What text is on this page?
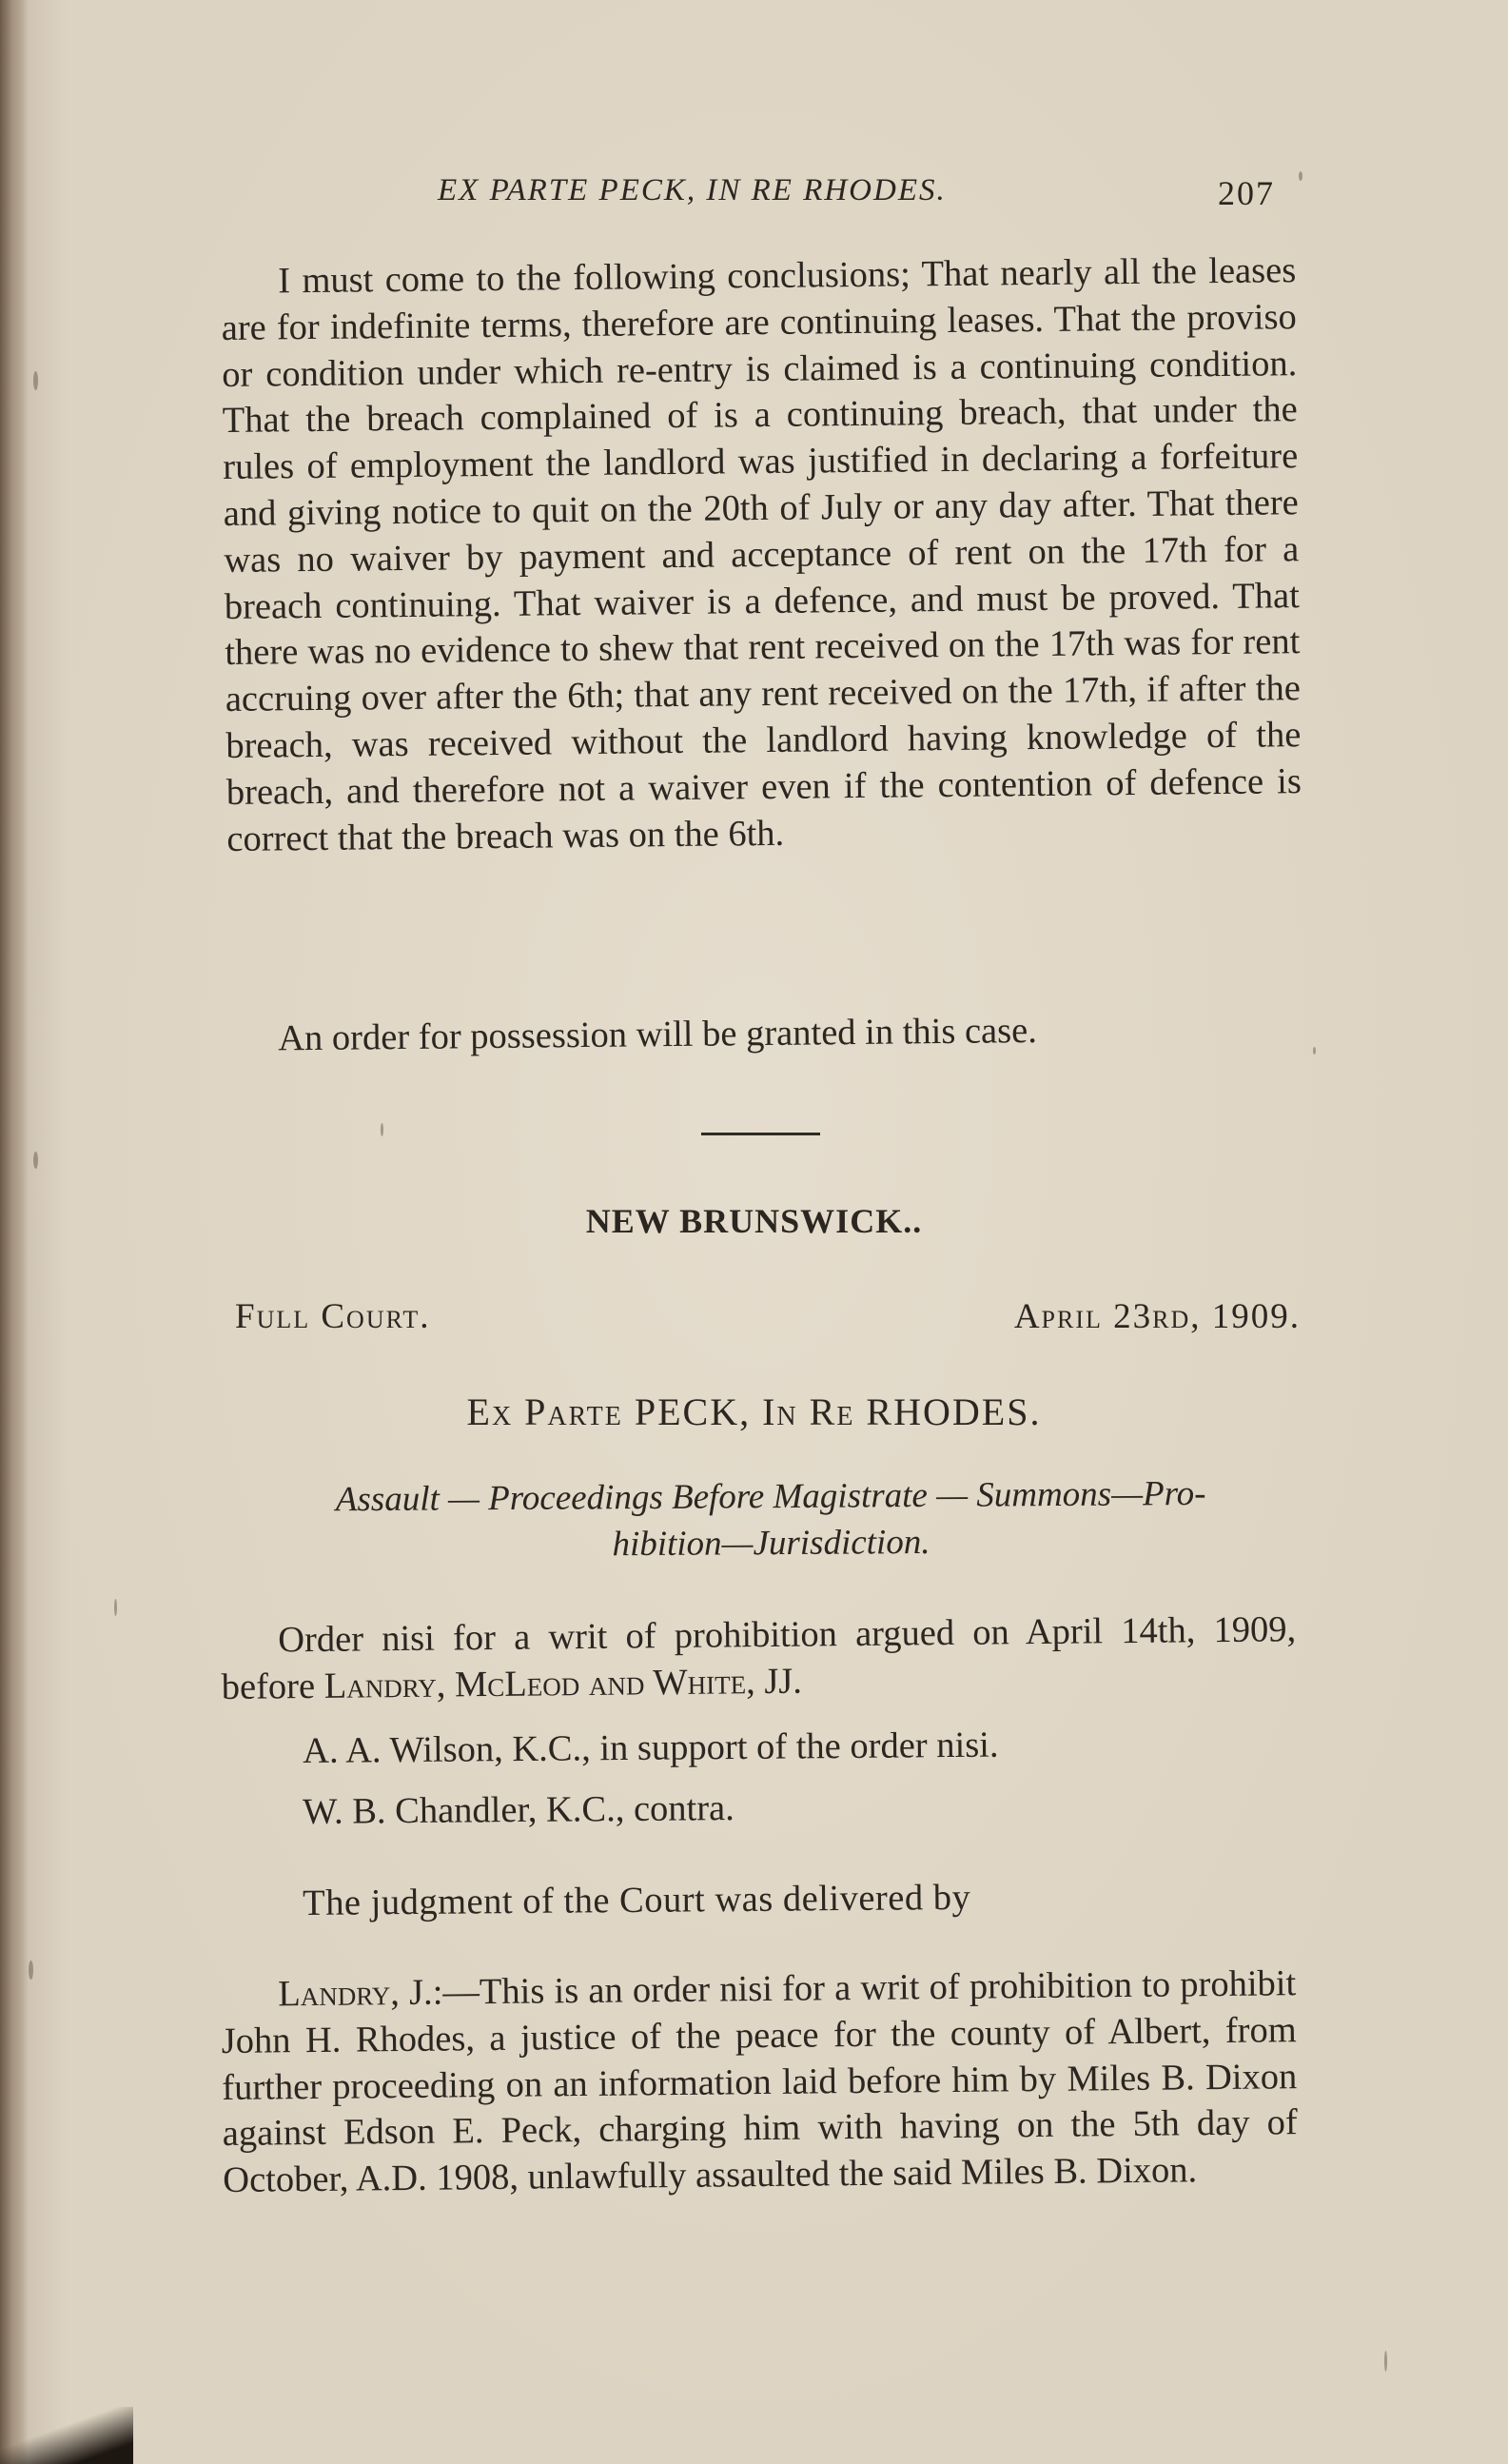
EX PARTE PECK, IN RE RHODES.	207

I must come to the following conclusions; That nearly all the leases are for indefinite terms, therefore are continuing leases. That the proviso or condition under which re-entry is claimed is a continuing condition. That the breach complained of is a continuing breach, that under the rules of employment the landlord was justified in declaring a forfeiture and giving notice to quit on the 20th of July or any day after. That there was no waiver by payment and acceptance of rent on the 17th for a breach continuing. That waiver is a defence, and must be proved. That there was no evidence to shew that rent received on the 17th was for rent accruing over after the 6th; that any rent received on the 17th, if after the breach, was received without the landlord having knowledge of the breach, and therefore not a waiver even if the contention of defence is correct that the breach was on the 6th.

An order for possession will be granted in this case.

NEW BRUNSWICK..
Full Court.	April 23rd, 1909.
Ex Parte PECK, In Re RHODES.
Assault — Proceedings Before Magistrate — Summons—Pro-
hibition—Jurisdiction.

Order nisi for a writ of prohibition argued on April 14th, 1909, before Landry, McLeod and White, JJ.

A. A. Wilson, K.C., in support of the order nisi.
W. B. Chandler, K.C., contra.
The judgment of the Court was delivered by

Landry, J.:—This is an order nisi for a writ of prohibition to prohibit John H. Rhodes, a justice of the peace for the county of Albert, from further proceeding on an information laid before him by Miles B. Dixon against Edson E. Peck, charging him with having on the 5th day of October, A.D. 1908, unlawfully assaulted the said Miles B. Dixon.
